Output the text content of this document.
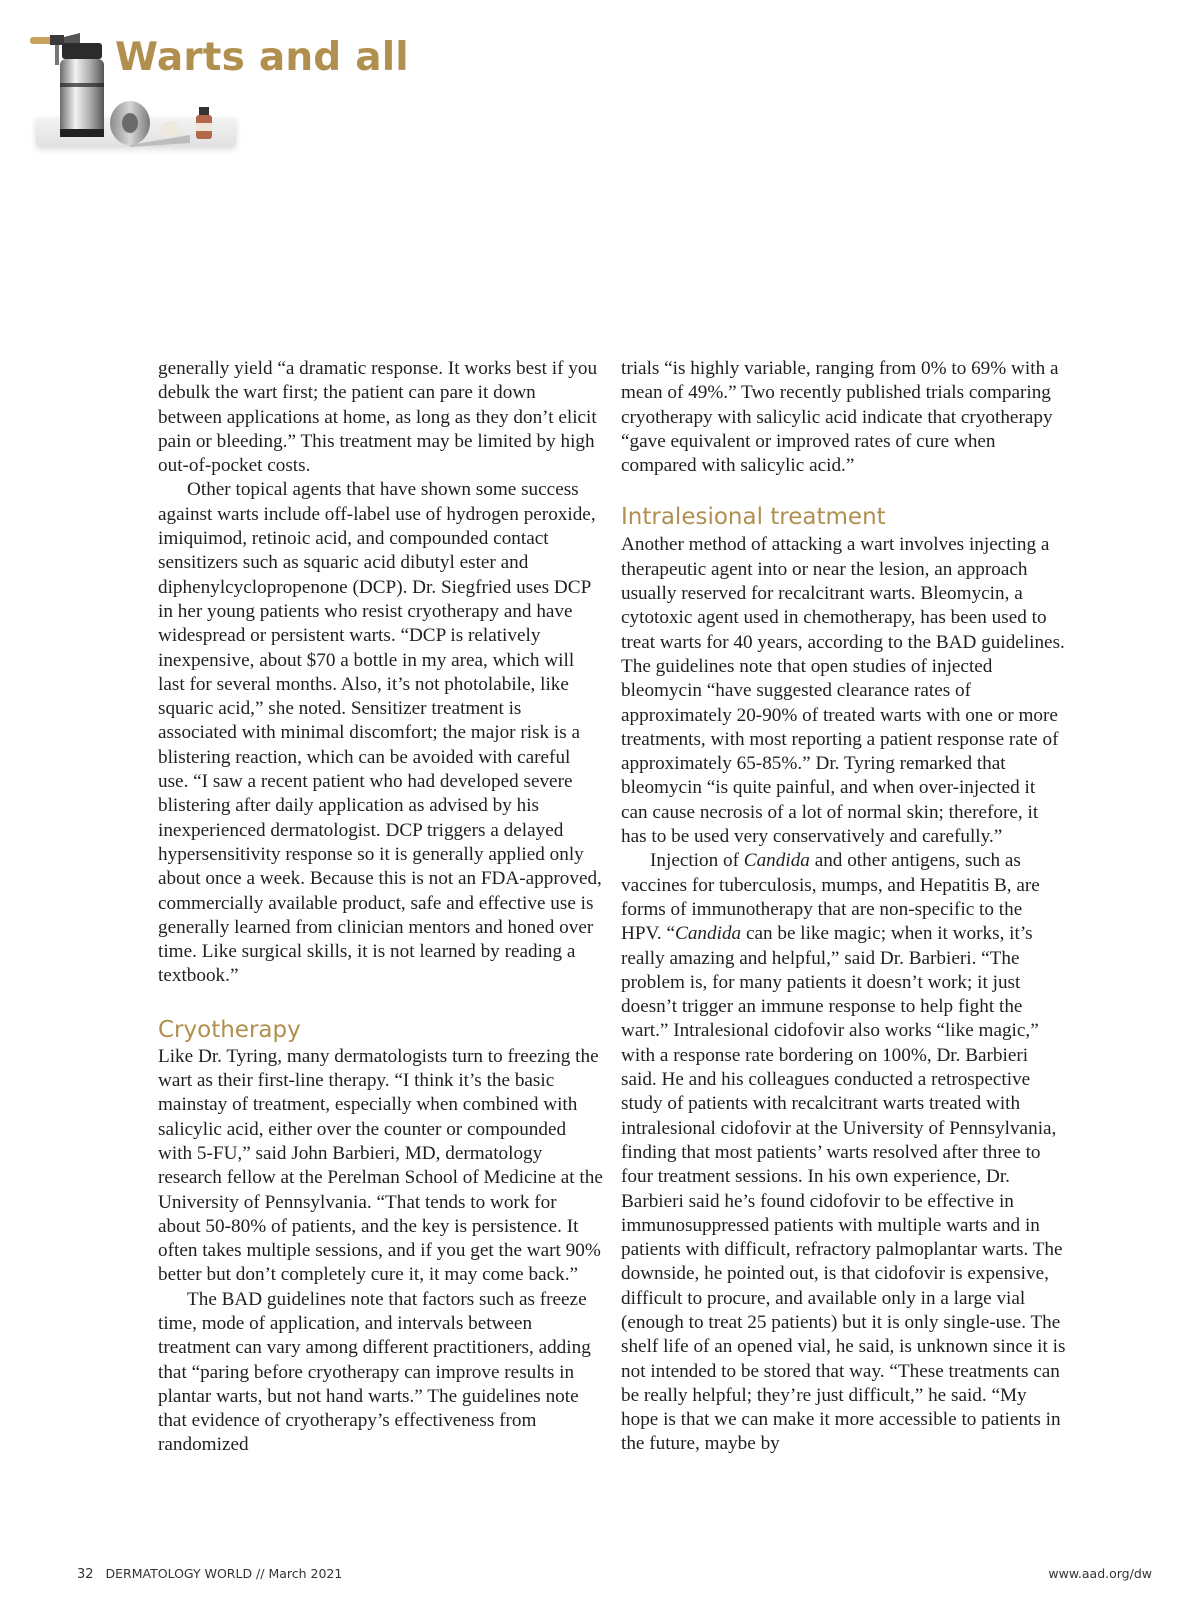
Warts and all

generally yield “a dramatic response. It works best if you debulk the wart first; the patient can pare it down between applications at home, as long as they don’t elicit pain or bleeding.” This treatment may be limited by high out-of-pocket costs.

Other topical agents that have shown some success against warts include off-label use of hydrogen peroxide, imiquimod, retinoic acid, and compounded contact sensitizers such as squaric acid dibutyl ester and diphenylcyclopropenone (DCP). Dr. Siegfried uses DCP in her young patients who resist cryotherapy and have widespread or persistent warts. “DCP is relatively inexpensive, about $70 a bottle in my area, which will last for several months. Also, it’s not photolabile, like squaric acid,” she noted. Sensitizer treatment is associated with minimal discomfort; the major risk is a blistering reaction, which can be avoided with careful use. “I saw a recent patient who had developed severe blistering after daily application as advised by his inexperienced dermatologist. DCP triggers a delayed hypersensitivity response so it is generally applied only about once a week. Because this is not an FDA-approved, commercially available product, safe and effective use is generally learned from clinician mentors and honed over time. Like surgical skills, it is not learned by reading a textbook.”

Cryotherapy

Like Dr. Tyring, many dermatologists turn to freezing the wart as their first-line therapy. “I think it’s the basic mainstay of treatment, especially when combined with salicylic acid, either over the counter or compounded with 5-FU,” said John Barbieri, MD, dermatology research fellow at the Perelman School of Medicine at the University of Pennsylvania. “That tends to work for about 50-80% of patients, and the key is persistence. It often takes multiple sessions, and if you get the wart 90% better but don’t completely cure it, it may come back.”

The BAD guidelines note that factors such as freeze time, mode of application, and intervals between treatment can vary among different practitioners, adding that “paring before cryotherapy can improve results in plantar warts, but not hand warts.” The guidelines note that evidence of cryotherapy’s effectiveness from randomized

trials “is highly variable, ranging from 0% to 69% with a mean of 49%.” Two recently published trials comparing cryotherapy with salicylic acid indicate that cryotherapy “gave equivalent or improved rates of cure when compared with salicylic acid.”

Intralesional treatment

Another method of attacking a wart involves injecting a therapeutic agent into or near the lesion, an approach usually reserved for recalcitrant warts. Bleomycin, a cytotoxic agent used in chemotherapy, has been used to treat warts for 40 years, according to the BAD guidelines. The guidelines note that open studies of injected bleomycin “have suggested clearance rates of approximately 20-90% of treated warts with one or more treatments, with most reporting a patient response rate of approximately 65-85%.” Dr. Tyring remarked that bleomycin “is quite painful, and when over-injected it can cause necrosis of a lot of normal skin; therefore, it has to be used very conservatively and carefully.”

Injection of Candida and other antigens, such as vaccines for tuberculosis, mumps, and Hepatitis B, are forms of immunotherapy that are non-specific to the HPV. “Candida can be like magic; when it works, it’s really amazing and helpful,” said Dr. Barbieri. “The problem is, for many patients it doesn’t work; it just doesn’t trigger an immune response to help fight the wart.” Intralesional cidofovir also works “like magic,” with a response rate bordering on 100%, Dr. Barbieri said. He and his colleagues conducted a retrospective study of patients with recalcitrant warts treated with intralesional cidofovir at the University of Pennsylvania, finding that most patients’ warts resolved after three to four treatment sessions. In his own experience, Dr. Barbieri said he’s found cidofovir to be effective in immunosuppressed patients with multiple warts and in patients with difficult, refractory palmoplantar warts. The downside, he pointed out, is that cidofovir is expensive, difficult to procure, and available only in a large vial (enough to treat 25 patients) but it is only single-use. The shelf life of an opened vial, he said, is unknown since it is not intended to be stored that way. “These treatments can be really helpful; they’re just difficult,” he said. “My hope is that we can make it more accessible to patients in the future, maybe by

32 DERMATOLOGY WORLD // March 2021	www.aad.org/dw
